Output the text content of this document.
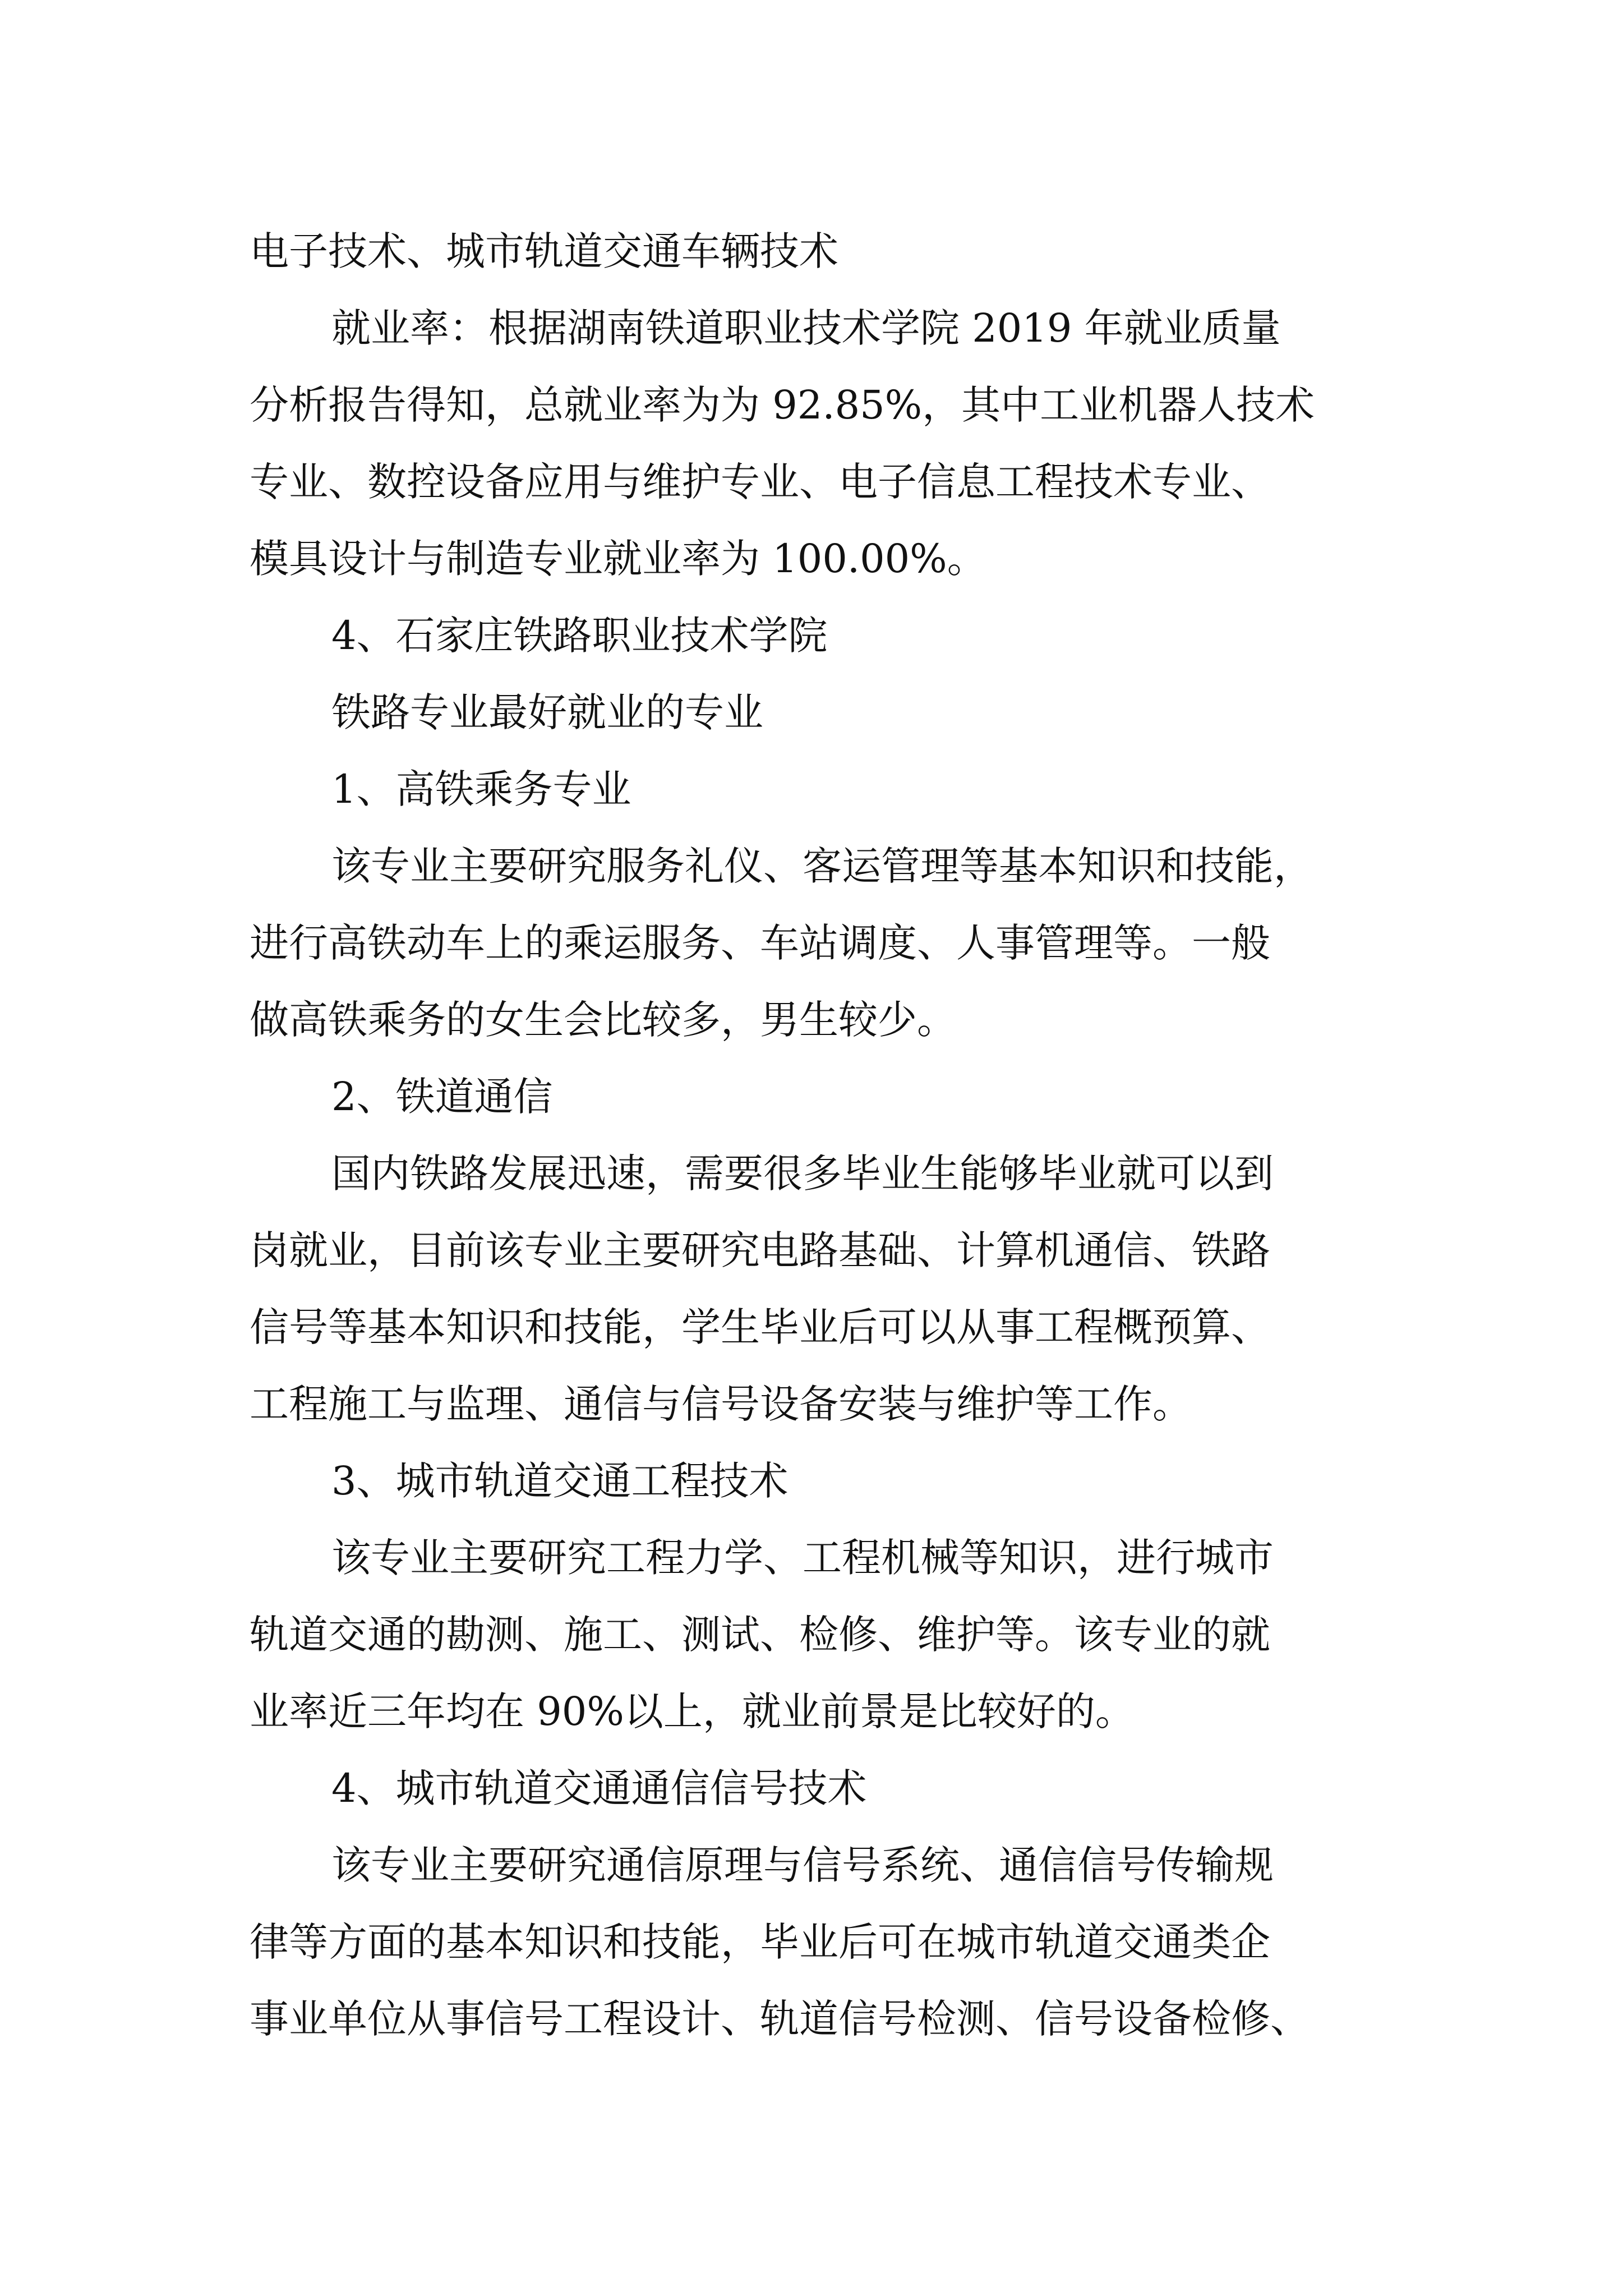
电子技术、城市轨道交通车辆技术
就业率：根据湖南铁道职业技术学院 2019 年就业质量
分析报告得知，总就业率为为 92.85%，其中工业机器人技术
专业、数控设备应用与维护专业、电子信息工程技术专业、
模具设计与制造专业就业率为 100.00%。
4、石家庄铁路职业技术学院
铁路专业最好就业的专业
1、高铁乘务专业
该专业主要研究服务礼仪、客运管理等基本知识和技能，
进行高铁动车上的乘运服务、车站调度、人事管理等。一般
做高铁乘务的女生会比较多，男生较少。
2、铁道通信
国内铁路发展迅速，需要很多毕业生能够毕业就可以到
岗就业，目前该专业主要研究电路基础、计算机通信、铁路
信号等基本知识和技能，学生毕业后可以从事工程概预算、
工程施工与监理、通信与信号设备安装与维护等工作。
3、城市轨道交通工程技术
该专业主要研究工程力学、工程机械等知识，进行城市
轨道交通的勘测、施工、测试、检修、维护等。该专业的就
业率近三年均在 90%以上，就业前景是比较好的。
4、城市轨道交通通信信号技术
该专业主要研究通信原理与信号系统、通信信号传输规
律等方面的基本知识和技能，毕业后可在城市轨道交通类企
事业单位从事信号工程设计、轨道信号检测、信号设备检修、
